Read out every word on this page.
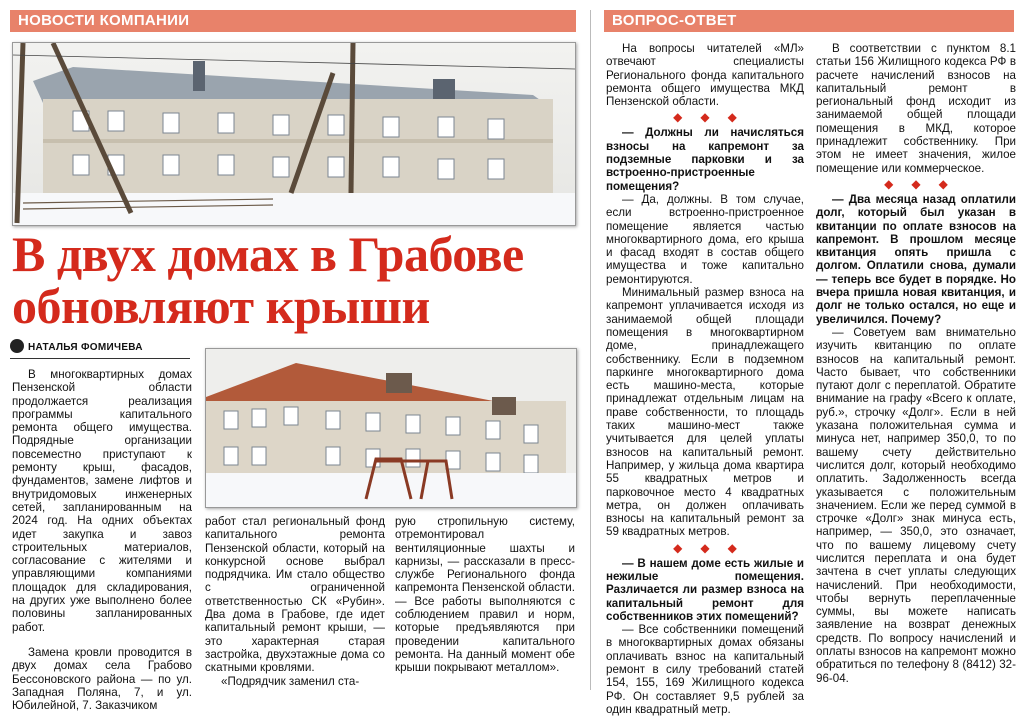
НОВОСТИ КОМПАНИИ	ВОПРОС-ОТВЕТ
В двух домах в Грабове обновляют крыши
НАТАЛЬЯ ФОМИЧЕВА

В многоквартирных домах Пензенской области продолжается реализация программы капитального ремонта общего имущества. Подрядные организации повсеместно приступают к ремонту крыш, фасадов, фундаментов, замене лифтов и внутридомовых инженерных сетей, запланированным на 2024 год. На одних объектах идет закупка и завоз строительных материалов, согласование с жителями и управляющими компаниями площадок для складирования, на других уже выполнено более половины запланированных работ.

Замена кровли проводится в двух домах села Грабово Бессоновского района — по ул. Западная Поляна, 7, и ул. Юбилейной, 7. Заказчиком

работ стал региональный фонд капитального ремонта Пензенской области, который на конкурсной основе выбрал подрядчика. Им стало общество с ограниченной ответственностью СК «Рубин». Два дома в Грабове, где идет капитальный ремонт крыши, — это характерная старая застройка, двухэтажные дома со скатными кровлями.

«Подрядчик заменил ста-

рую стропильную систему, отремонтировал вентиляционные шахты и карнизы, — рассказали в пресс-службе Регионального фонда капремонта Пензенской области. — Все работы выполняются с соблюдением правил и норм, которые предъявляются при проведении капитального ремонта. На данный момент обе крыши покрывают металлом».

На вопросы читателей «МЛ» отвечают специалисты Регионального фонда капитального ремонта общего имущества МКД Пензенской области.

◆◆◆

— Должны ли начисляться взносы на капремонт за подземные парковки и за встроенно-пристроенные помещения?

— Да, должны. В том случае, если встроенно-пристроенное помещение является частью многоквартирного дома, его крыша и фасад входят в состав общего имущества и тоже капитально ремонтируются.

Минимальный размер взноса на капремонт уплачивается исходя из занимаемой общей площади помещения в многоквартирном доме, принадлежащего собственнику. Если в подземном паркинге многоквартирного дома есть машино-места, которые принадлежат отдельным лицам на праве собственности, то площадь таких машино-мест также учитывается для целей уплаты взносов на капитальный ремонт. Например, у жильца дома квартира 55 квадратных метров и парковочное место 4 квадратных метра, он должен оплачивать взносы на капитальный ремонт за 59 квадратных метров.

◆◆◆

— В нашем доме есть жилые и нежилые помещения. Различается ли размер взноса на капитальный ремонт для собственников этих помещений?

— Все собственники помещений в многоквартирных домах обязаны оплачивать взнос на капитальный ремонт в силу требований статей 154, 155, 169 Жилищного кодекса РФ. Он составляет 9,5 рублей за один квадратный метр.

В соответствии с пунктом 8.1 статьи 156 Жилищного кодекса РФ в расчете начислений взносов на капитальный ремонт в региональный фонд исходит из занимаемой общей площади помещения в МКД, которое принадлежит собственнику. При этом не имеет значения, жилое помещение или коммерческое.

◆◆◆

— Два месяца назад оплатили долг, который был указан в квитанции по оплате взносов на капремонт. В прошлом месяце квитанция опять пришла с долгом. Оплатили снова, думали — теперь все будет в порядке. Но вчера пришла новая квитанция, и долг не только остался, но еще и увеличился. Почему?

— Советуем вам внимательно изучить квитанцию по оплате взносов на капитальный ремонт. Часто бывает, что собственники путают долг с переплатой. Обратите внимание на графу «Всего к оплате, руб.», строчку «Долг». Если в ней указана положительная сумма и минуса нет, например 350,0, то по вашему счету действительно числится долг, который необходимо оплатить. Задолженность всегда указывается с положительным значением. Если же перед суммой в строчке «Долг» знак минуса есть, например, — 350,0, это означает, что по вашему лицевому счету числится переплата и она будет зачтена в счет уплаты следующих начислений. При необходимости, чтобы вернуть переплаченные суммы, вы можете написать заявление на возврат денежных средств. По вопросу начислений и оплаты взносов на капремонт можно обратиться по телефону 8 (8412) 32-96-04.
